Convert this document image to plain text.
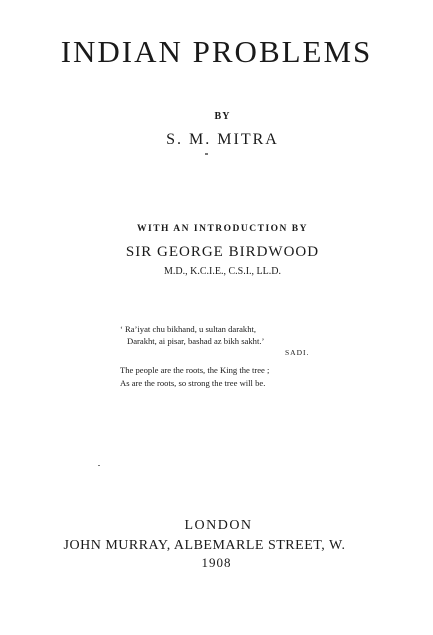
INDIAN PROBLEMS
BY
S. M. MITRA
WITH AN INTRODUCTION BY
SIR GEORGE BIRDWOOD
M.D., K.C.I.E., C.S.I., LL.D.
‘ Ra’iyat chu bikhand, u sultan darakht,
Darakht, ai pisar, bashad az bikh sakht.’
SADI.
The people are the roots, the King the tree ;
As are the roots, so strong the tree will be.
LONDON
JOHN MURRAY, ALBEMARLE STREET, W.
1908
